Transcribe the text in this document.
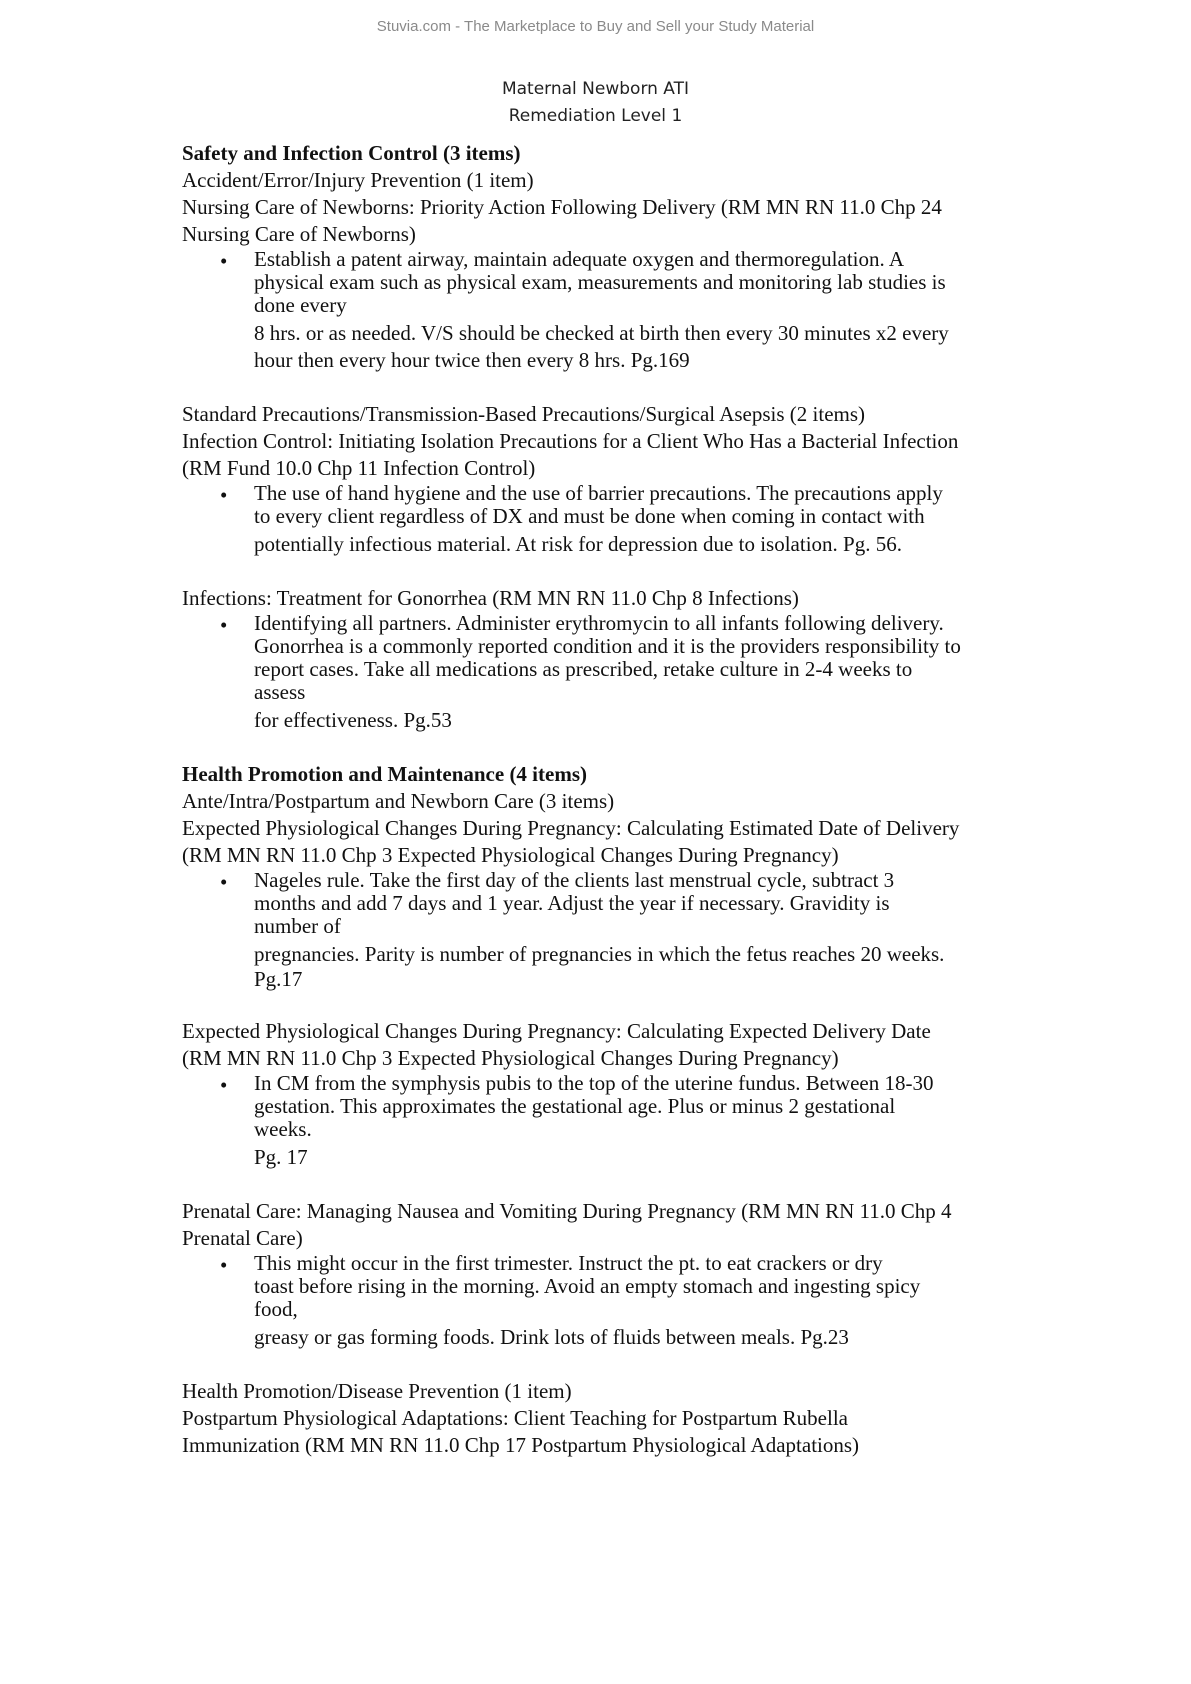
Stuvia.com - The Marketplace to Buy and Sell your Study Material
Maternal Newborn ATI
Remediation Level 1
Safety and Infection Control (3 items)
Accident/Error/Injury Prevention (1 item)
Nursing Care of Newborns: Priority Action Following Delivery (RM MN RN 11.0 Chp 24
Nursing Care of Newborns)
• Establish a patent airway, maintain adequate oxygen and thermoregulation. A
physical exam such as physical exam, measurements and monitoring lab studies is
done every
8 hrs. or as needed. V/S should be checked at birth then every 30 minutes x2 every
hour then every hour twice then every 8 hrs. Pg.169
Standard Precautions/Transmission-Based Precautions/Surgical Asepsis (2 items)
Infection Control: Initiating Isolation Precautions for a Client Who Has a Bacterial Infection
(RM Fund 10.0 Chp 11 Infection Control)
• The use of hand hygiene and the use of barrier precautions. The precautions apply
to every client regardless of DX and must be done when coming in contact with
potentially infectious material. At risk for depression due to isolation. Pg. 56.
Infections: Treatment for Gonorrhea (RM MN RN 11.0 Chp 8 Infections)
• Identifying all partners. Administer erythromycin to all infants following delivery.
Gonorrhea is a commonly reported condition and it is the providers responsibility to
report cases. Take all medications as prescribed, retake culture in 2-4 weeks to
assess
for effectiveness. Pg.53
Health Promotion and Maintenance (4 items)
Ante/Intra/Postpartum and Newborn Care (3 items)
Expected Physiological Changes During Pregnancy: Calculating Estimated Date of Delivery
(RM MN RN 11.0 Chp 3 Expected Physiological Changes During Pregnancy)
• Nageles rule. Take the first day of the clients last menstrual cycle, subtract 3
months and add 7 days and 1 year. Adjust the year if necessary. Gravidity is
number of
pregnancies. Parity is number of pregnancies in which the fetus reaches 20 weeks.
Pg.17
Expected Physiological Changes During Pregnancy: Calculating Expected Delivery Date
(RM MN RN 11.0 Chp 3 Expected Physiological Changes During Pregnancy)
• In CM from the symphysis pubis to the top of the uterine fundus. Between 18-30
gestation. This approximates the gestational age. Plus or minus 2 gestational
weeks.
Pg. 17
Prenatal Care: Managing Nausea and Vomiting During Pregnancy (RM MN RN 11.0 Chp 4
Prenatal Care)
• This might occur in the first trimester. Instruct the pt. to eat crackers or dry
toast before rising in the morning. Avoid an empty stomach and ingesting spicy
food,
greasy or gas forming foods. Drink lots of fluids between meals. Pg.23
Health Promotion/Disease Prevention (1 item)
Postpartum Physiological Adaptations: Client Teaching for Postpartum Rubella
Immunization (RM MN RN 11.0 Chp 17 Postpartum Physiological Adaptations)
